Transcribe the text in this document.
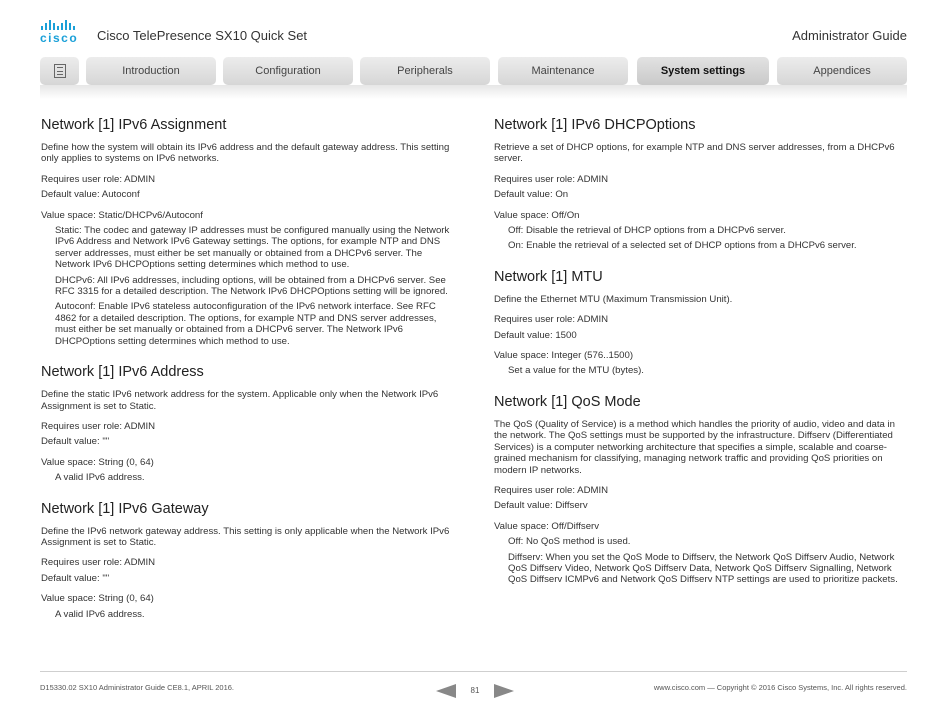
cisco	Cisco TelePresence SX10 Quick Set	Administrator Guide
Introduction	Configuration	Peripherals	Maintenance	System settings	Appendices
Network [1] IPv6 Assignment

Define how the system will obtain its IPv6 address and the default gateway address. This setting only applies to systems on IPv6 networks.

Requires user role: ADMIN

Default value: Autoconf

Value space: Static/DHCPv6/Autoconf

Static: The codec and gateway IP addresses must be configured manually using the Network IPv6 Address and Network IPv6 Gateway settings. The options, for example NTP and DNS server addresses, must either be set manually or obtained from a DHCPv6 server. The Network IPv6 DHCPOptions setting determines which method to use.

DHCPv6: All IPv6 addresses, including options, will be obtained from a DHCPv6 server. See RFC 3315 for a detailed description. The Network IPv6 DHCPOptions setting will be ignored.

Autoconf: Enable IPv6 stateless autoconfiguration of the IPv6 network interface. See RFC 4862 for a detailed description. The options, for example NTP and DNS server addresses, must either be set manually or obtained from a DHCPv6 server. The Network IPv6 DHCPOptions setting determines which method to use.

Network [1] IPv6 Address

Define the static IPv6 network address for the system. Applicable only when the Network IPv6 Assignment is set to Static.

Requires user role: ADMIN

Default value: ""

Value space: String (0, 64)

A valid IPv6 address.

Network [1] IPv6 Gateway

Define the IPv6 network gateway address. This setting is only applicable when the Network IPv6 Assignment is set to Static.

Requires user role: ADMIN

Default value: ""

Value space: String (0, 64)

A valid IPv6 address.

Network [1] IPv6 DHCPOptions

Retrieve a set of DHCP options, for example NTP and DNS server addresses, from a DHCPv6 server.

Requires user role: ADMIN

Default value: On

Value space: Off/On

Off: Disable the retrieval of DHCP options from a DHCPv6 server.

On: Enable the retrieval of a selected set of DHCP options from a DHCPv6 server.

Network [1] MTU

Define the Ethernet MTU (Maximum Transmission Unit).

Requires user role: ADMIN

Default value: 1500

Value space: Integer (576..1500)

Set a value for the MTU (bytes).

Network [1] QoS Mode

The QoS (Quality of Service) is a method which handles the priority of audio, video and data in the network. The QoS settings must be supported by the infrastructure. Diffserv (Differentiated Services) is a computer networking architecture that specifies a simple, scalable and coarse-grained mechanism for classifying, managing network traffic and providing QoS priorities on modern IP networks.

Requires user role: ADMIN

Default value: Diffserv

Value space: Off/Diffserv

Off: No QoS method is used.

Diffserv: When you set the QoS Mode to Diffserv, the Network QoS Diffserv Audio, Network QoS Diffserv Video, Network QoS Diffserv Data, Network QoS Diffserv Signalling, Network QoS Diffserv ICMPv6 and Network QoS Diffserv NTP settings are used to prioritize packets.

D15330.02 SX10 Administrator Guide CE8.1, APRIL 2016.	81	www.cisco.com — Copyright © 2016 Cisco Systems, Inc. All rights reserved.
